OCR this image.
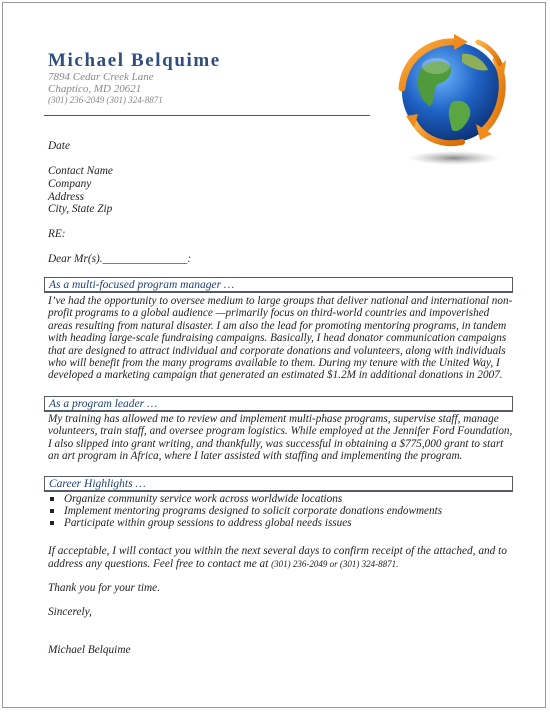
Michael Belquime
7894 Cedar Creek Lane
Chaptico, MD 20621
(301) 236-2049 (301) 324-8871
Date
Contact Name
Company
Address
City, State Zip
RE:
Dear Mr(s)._______________:
As a multi-focused program manager …
I’ve had the opportunity to oversee medium to large groups that deliver national and international non-profit programs to a global audience —primarily focus on third-world countries and impoverished areas resulting from natural disaster. I am also the lead for promoting mentoring programs, in tandem with heading large-scale fundraising campaigns. Basically, I head donator communication campaigns that are designed to attract individual and corporate donations and volunteers, along with individuals who will benefit from the many programs available to them. During my tenure with the United Way, I developed a marketing campaign that generated an estimated $1.2M in additional donations in 2007.
As a program leader …
My training has allowed me to review and implement multi-phase programs, supervise staff, manage volunteers, train staff, and oversee program logistics. While employed at the Jennifer Ford Foundation, I also slipped into grant writing, and thankfully, was successful in obtaining a $775,000 grant to start an art program in Africa, where I later assisted with staffing and implementing the program.
Career Highlights …
Organize community service work across worldwide locations
Implement mentoring programs designed to solicit corporate donations endowments
Participate within group sessions to address global needs issues
If acceptable, I will contact you within the next several days to confirm receipt of the attached, and to
address any questions. Feel free to contact me at (301) 236-2049 or (301) 324-8871.
Thank you for your time.
Sincerely,
Michael Belquime
